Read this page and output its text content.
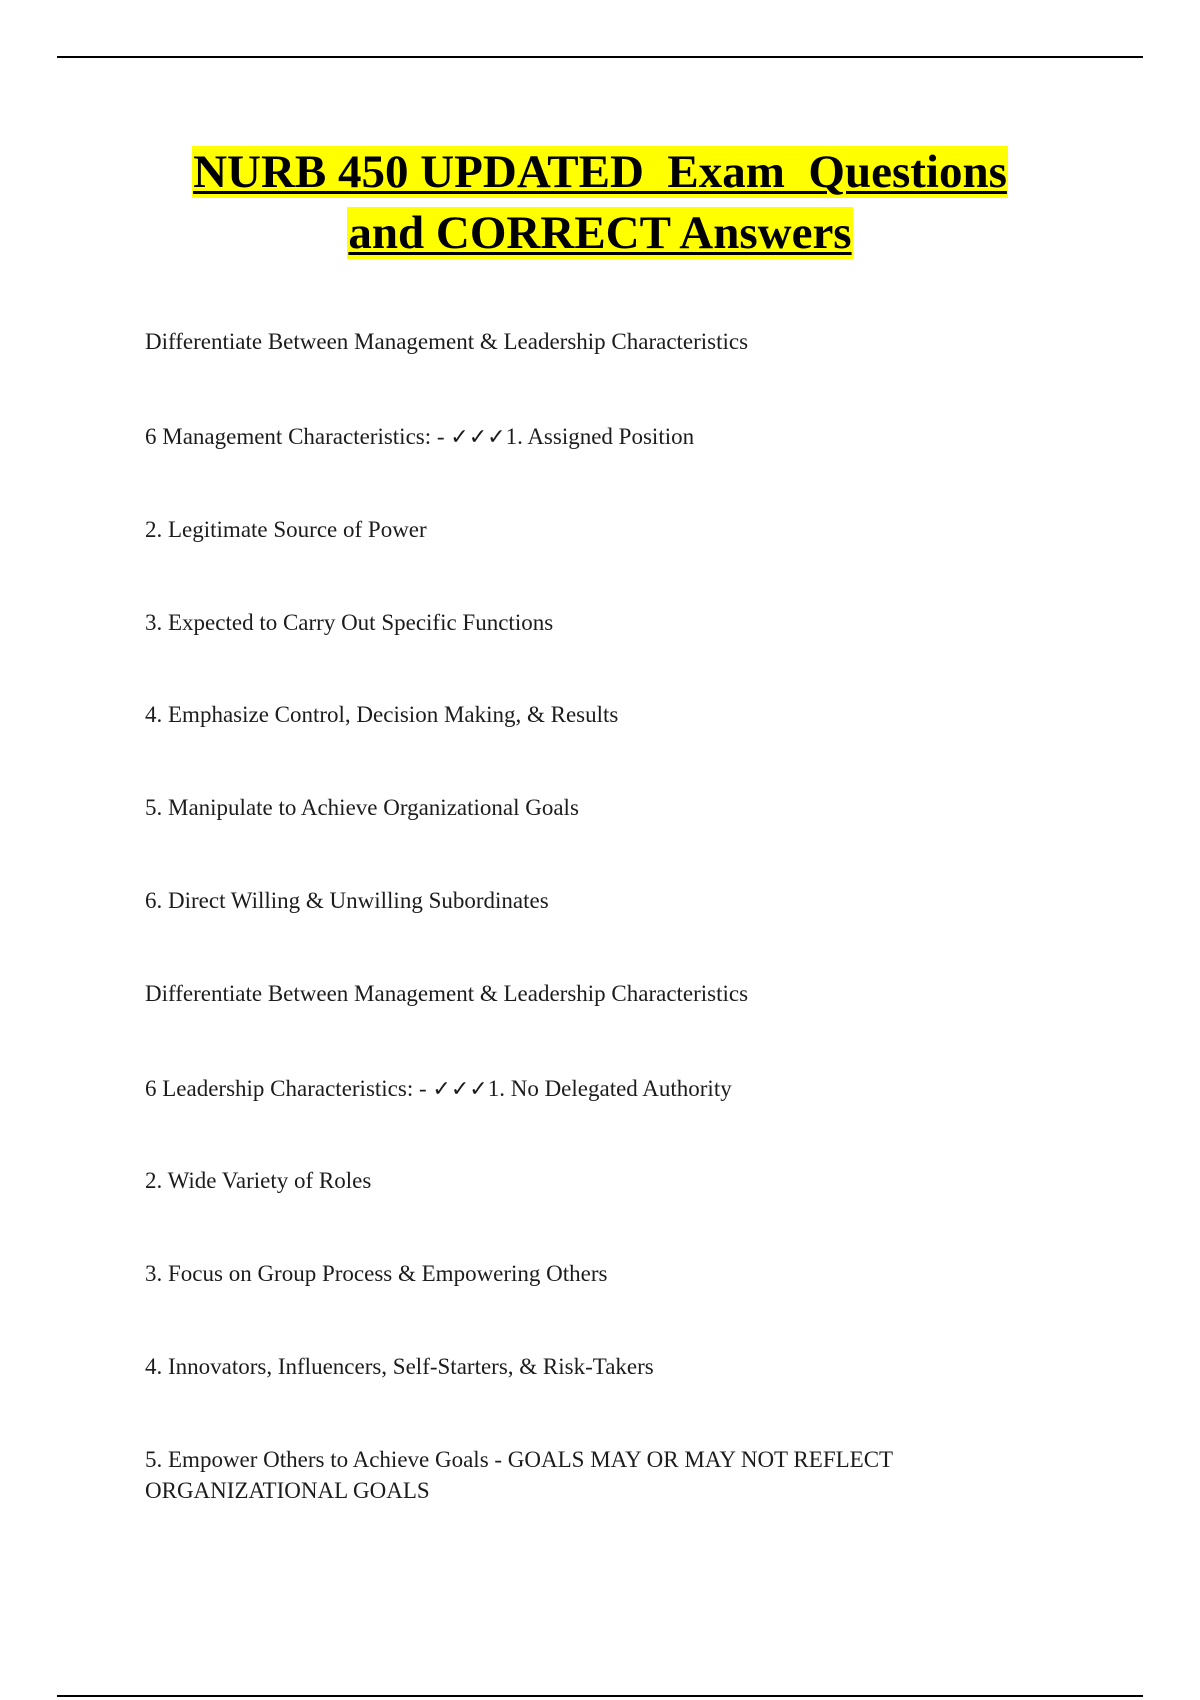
NURB 450 UPDATED  Exam  Questions
and CORRECT Answers

Differentiate Between Management & Leadership Characteristics

6 Management Characteristics: - ✓✓✓1. Assigned Position

2. Legitimate Source of Power

3. Expected to Carry Out Specific Functions

4. Emphasize Control, Decision Making, & Results

5. Manipulate to Achieve Organizational Goals

6. Direct Willing & Unwilling Subordinates

Differentiate Between Management & Leadership Characteristics

6 Leadership Characteristics: - ✓✓✓1. No Delegated Authority

2. Wide Variety of Roles

3. Focus on Group Process & Empowering Others

4. Innovators, Influencers, Self-Starters, & Risk-Takers

5. Empower Others to Achieve Goals - GOALS MAY OR MAY NOT REFLECT
ORGANIZATIONAL GOALS
